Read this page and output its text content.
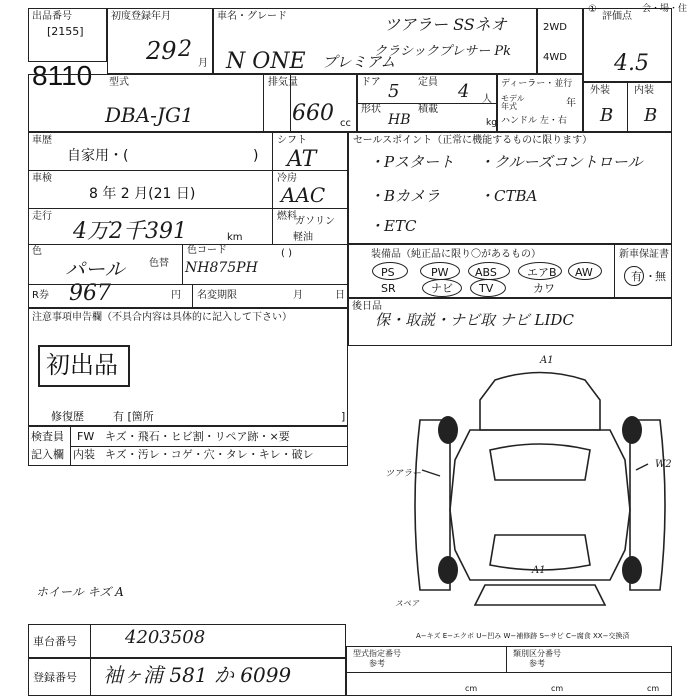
出品番号
[2155]
8110
初度登録年月
29 2
月
車名・グレード
N ONE プレミアム
ツアラー SSネオ
クラシックプレサー Pk
2WD
4WD
①
評価点
会・場・住
4.5
型式
DBA-JG1
排気量
660 cc
ドア 5 定員 4 人
形状
HB
積載
kg
ディーラー・並行
モデル年式	年
ハンドル 左・右
外装 内装
B B
車歴
自家用・(	)
シフト
AT
車検
8 年 2 月(21 日)
冷房
AAC
走行
4万2千391	km
燃料
ガソリン
軽油
( )
色
パール 色替
色コード
NH875PH
R券 967	円 名変期限	月	日
セールスポイント（正常に機能するものに限ります）
・Pスタート ・クルーズコントロール
・Bカメラ	・CTBA
・ETC
装備品（純正品に限り〇があるもの）	新車保証書
PS	PW ABS	エアB AW
SR	ナビ TV	カワ
有 ・ 無
後日品
保・取説・ナビ取 ナビ LIDC
注意事項申告欄（不具合内容は具体的に記入して下さい）
修復歴	有 [箇所	]
初出品
検査員
記入欄
FW キズ・飛石・ヒビ割・リペア跡・×要
内装 キズ・汚レ・コゲ・穴・タレ・キレ・破レ
ホイール キズ A
A1
W2
ツアラー
A1
スペア
車台番号	4203508
登録番号 袖ヶ浦 581 か 6099
A−キズ E−エクボ U−凹み W−補修跡 S−サビ C−腐食 XX−交換済
型式指定番号
参考
類別区分番号
参考
cm	cm	cm
